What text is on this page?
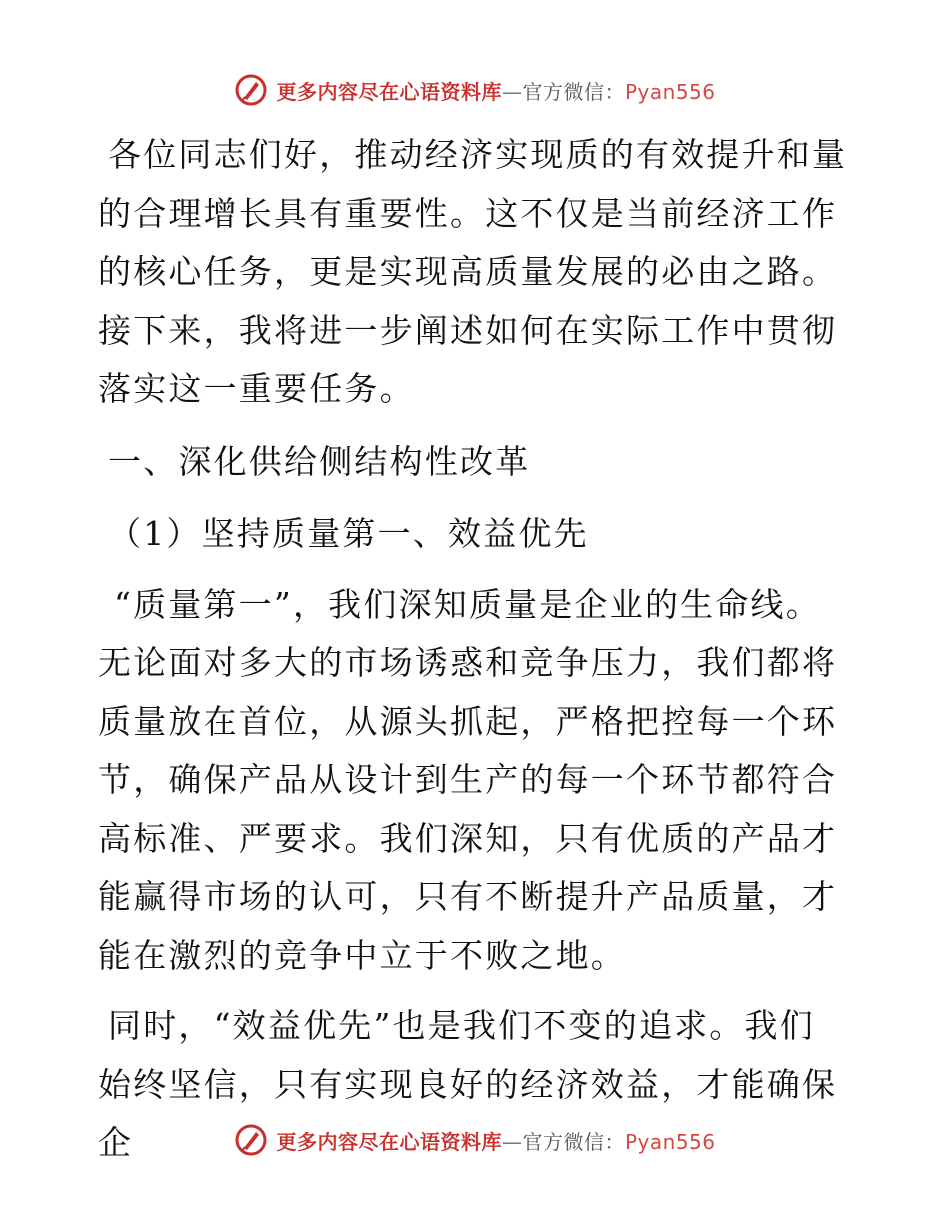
更多内容尽在心语资料库—官方微信：Pyan556

各位同志们好，推动经济实现质的有效提升和量的合理增长具有重要性。这不仅是当前经济工作的核心任务，更是实现高质量发展的必由之路。接下来，我将进一步阐述如何在实际工作中贯彻落实这一重要任务。

一、深化供给侧结构性改革

（1）坚持质量第一、效益优先

“质量第一”，我们深知质量是企业的生命线。无论面对多大的市场诱惑和竞争压力，我们都将质量放在首位，从源头抓起，严格把控每一个环节，确保产品从设计到生产的每一个环节都符合高标准、严要求。我们深知，只有优质的产品才能赢得市场的认可，只有不断提升产品质量，才能在激烈的竞争中立于不败之地。

同时，“效益优先”也是我们不变的追求。我们始终坚信，只有实现良好的经济效益，才能确保企	更多内容尽在心语资料库—官方微信：Pyan556
